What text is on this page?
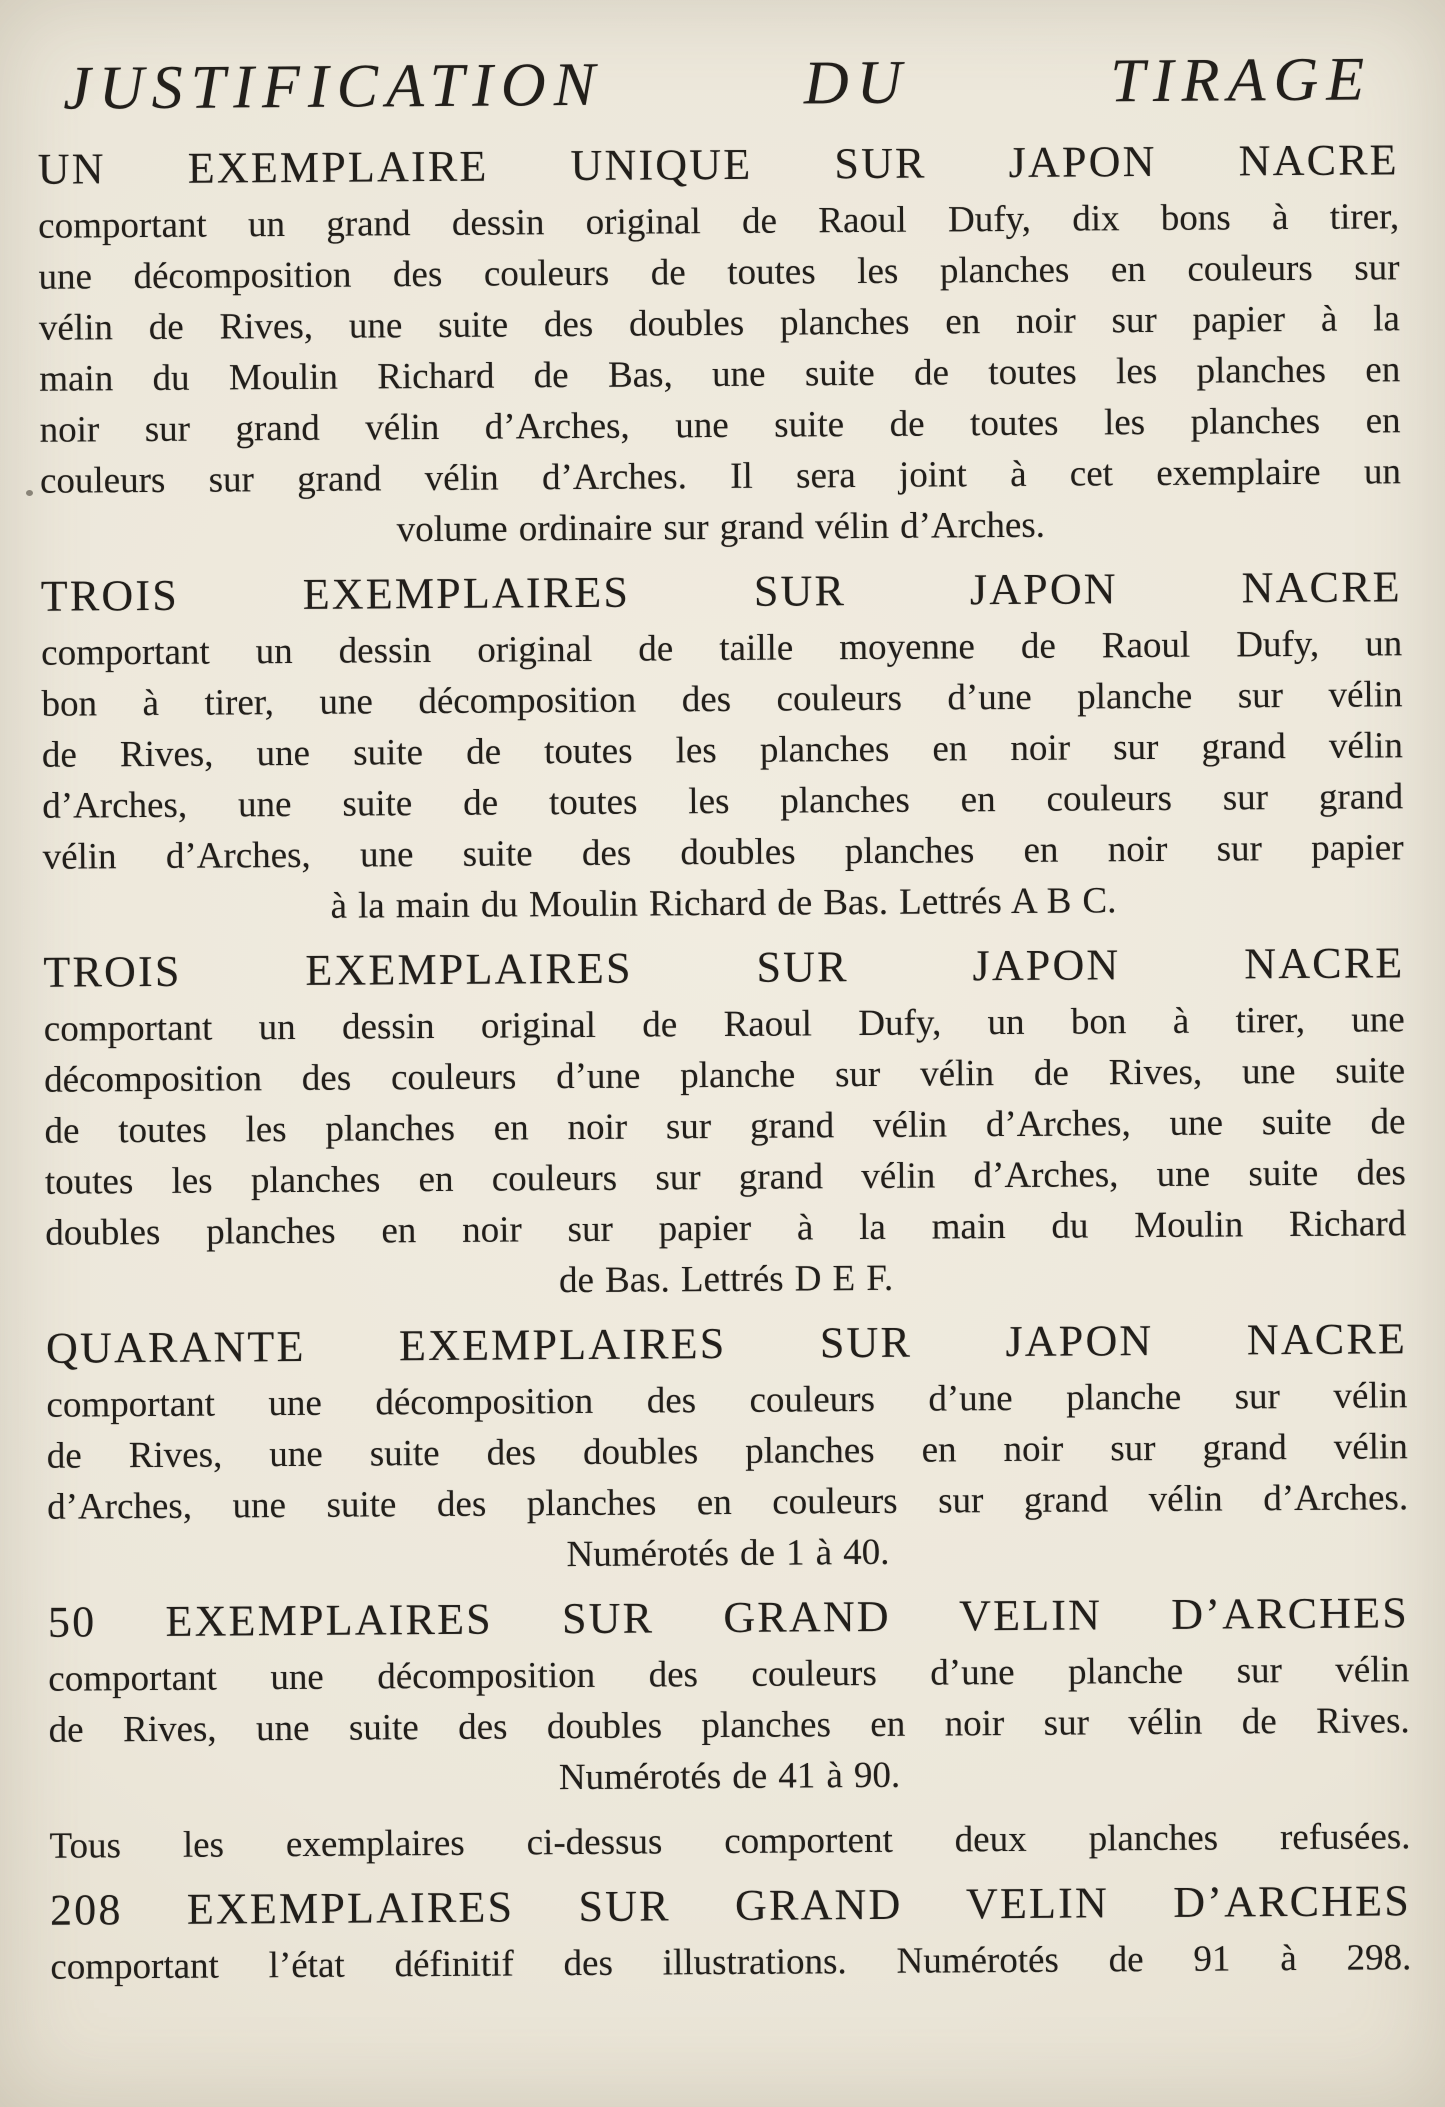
JUSTIFICATION DU TIRAGE
UN EXEMPLAIRE UNIQUE SUR JAPON NACRE
comportant un grand dessin original de Raoul Dufy, dix bons à tirer,
une décomposition des couleurs de toutes les planches en couleurs sur
vélin de Rives, une suite des doubles planches en noir sur papier à la
main du Moulin Richard de Bas, une suite de toutes les planches en
noir sur grand vélin d’Arches, une suite de toutes les planches en
couleurs sur grand vélin d’Arches. Il sera joint à cet exemplaire un
volume ordinaire sur grand vélin d’Arches.
TROIS EXEMPLAIRES SUR JAPON NACRE
comportant un dessin original de taille moyenne de Raoul Dufy, un
bon à tirer, une décomposition des couleurs d’une planche sur vélin
de Rives, une suite de toutes les planches en noir sur grand vélin
d’Arches, une suite de toutes les planches en couleurs sur grand
vélin d’Arches, une suite des doubles planches en noir sur papier
à la main du Moulin Richard de Bas. Lettrés A B C.
TROIS EXEMPLAIRES SUR JAPON NACRE
comportant un dessin original de Raoul Dufy, un bon à tirer, une
décomposition des couleurs d’une planche sur vélin de Rives, une suite
de toutes les planches en noir sur grand vélin d’Arches, une suite de
toutes les planches en couleurs sur grand vélin d’Arches, une suite des
doubles planches en noir sur papier à la main du Moulin Richard
de Bas. Lettrés D E F.
QUARANTE EXEMPLAIRES SUR JAPON NACRE
comportant une décomposition des couleurs d’une planche sur vélin
de Rives, une suite des doubles planches en noir sur grand vélin
d’Arches, une suite des planches en couleurs sur grand vélin d’Arches.
Numérotés de 1 à 40.
50 EXEMPLAIRES SUR GRAND VELIN D’ARCHES
comportant une décomposition des couleurs d’une planche sur vélin
de Rives, une suite des doubles planches en noir sur vélin de Rives.
Numérotés de 41 à 90.

Tous les exemplaires ci-dessus comportent deux planches refusées.

208 EXEMPLAIRES SUR GRAND VELIN D’ARCHES
comportant l’état définitif des illustrations. Numérotés de 91 à 298.
